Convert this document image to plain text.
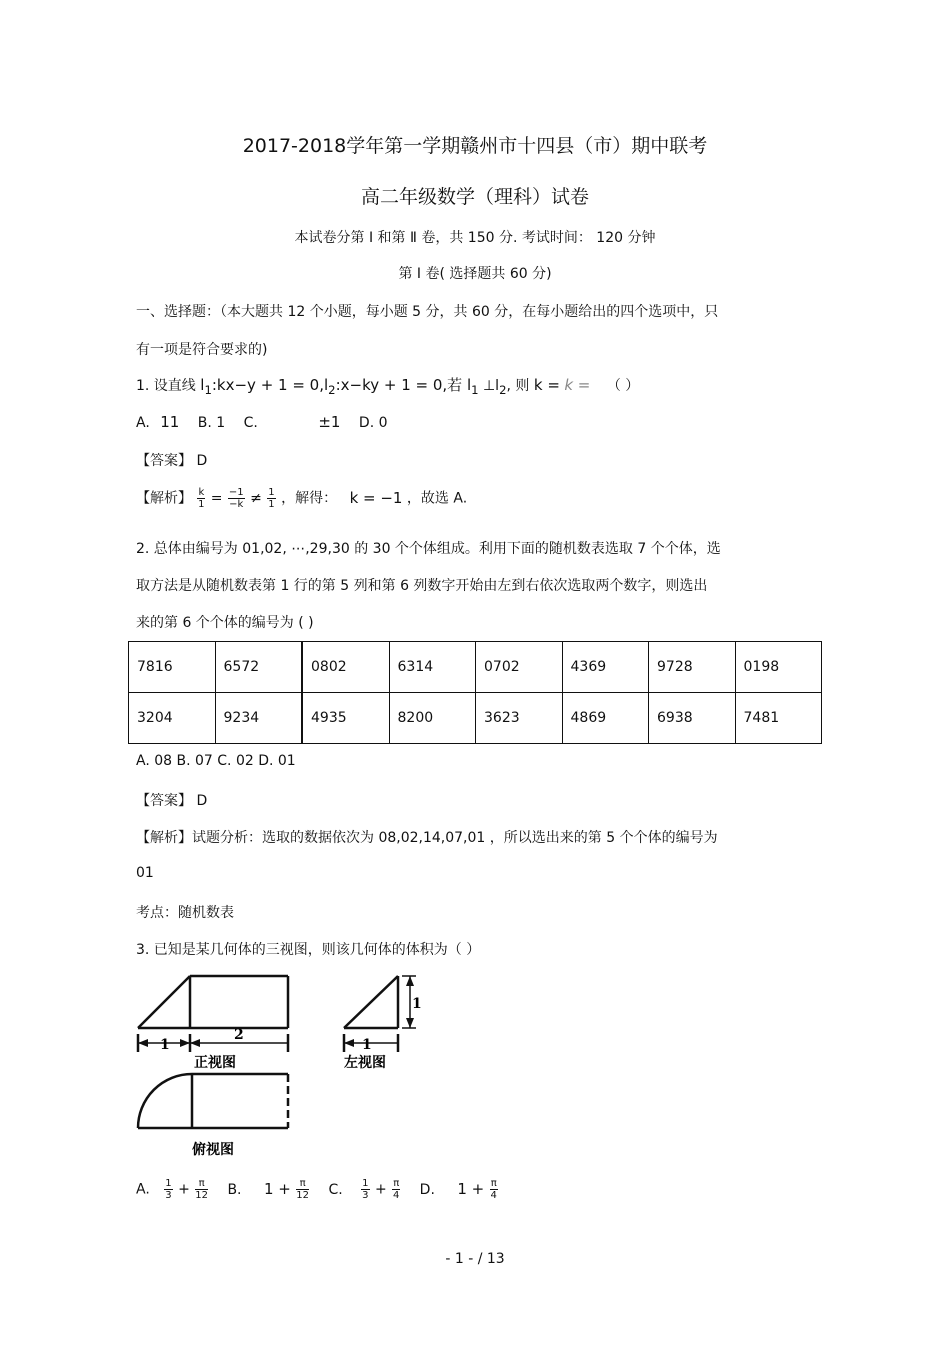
2017-2018学年第一学期赣州市十四县（市）期中联考
高二年级数学（理科）试卷
本试卷分第 Ⅰ 和第 Ⅱ 卷，共 150 分. 考试时间： 120 分钟
第 Ⅰ 卷( 选择题共 60 分)
一、选择题：（本大题共 12 个小题，每小题 5 分，共 60 分，在每小题给出的四个选项中，只
有一项是符合要求的)
1. 设直线 $l_1:kx-y + 1$ = $0,l_2:x-ky + 1 = 0$,若 $l_1$ $\perp l_2$, 则 k = k = （ ）
A. 11 B. 1 C.	±1 D. 0
【答案】 D
【解析】 $\frac{k}{1} = \frac{-1}{-k} \ne \frac{1}{1}$ ，解得： k = −1 ，故选 A.
2. 总体由编号为 01,02, ⋯,29,30 的 30 个个体组成。利用下面的随机数表选取 7 个个体，选
取方法是从随机数表第 1 行的第 5 列和第 6 列数字开始由左到右依次选取两个数字，则选出
来的第 6 个个体的编号为 ( )
7816	6572	0802	6314	0702	4369	9728	0198
3204	9234	4935	8200	3623	4869	6938	7481
A. 08 B. 07 C. 02 D. 01
【答案】 D
【解析】试题分析：选取的数据依次为 08,02,14,07,01 ，所以选出来的第 5 个个体的编号为
01
考点：随机数表
3. 已知是某几何体的三视图，则该几何体的体积为（ ）
1
2
正视图
1
1
左视图
俯视图
A. $\frac{1}{3} + \frac{\pi}{12} B$. $1 + \frac{\pi}{12} C$. $\frac{1}{3} + \frac{\pi}{4} D$. $1 + \frac{\pi}{4}$
- 1 - / 13
